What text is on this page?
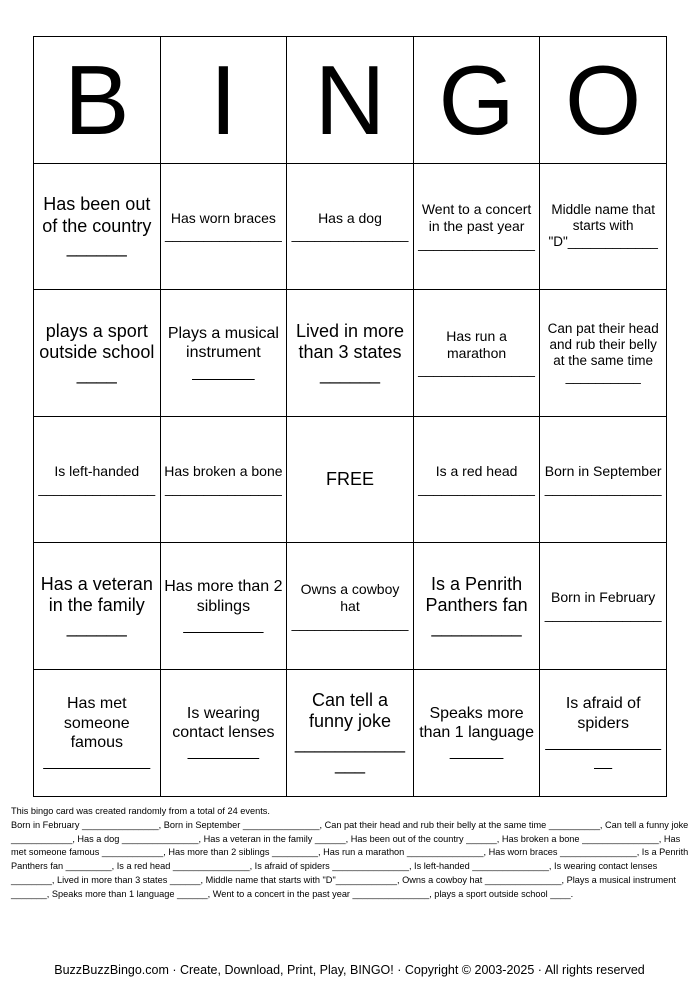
B	I	N	G	O

Has been out of the country ______	Has worn braces _______________	Has a dog _______________	Went to a concert in the past year _______________	Middle name that starts with "D"____________

plays a sport outside school ____	Plays a musical instrument _______	Lived in more than 3 states ______	Has run a marathon _______________	Can pat their head and rub their belly at the same time __________

Is left-handed _______________	Has broken a bone _______________	FREE	Is a red head _______________	Born in September _______________

Has a veteran in the family ______	Has more than 2 siblings _________	Owns a cowboy hat _______________	Is a Penrith Panthers fan _________	Born in February _______________

Has met someone famous ____________	Is wearing contact lenses ________	Can tell a funny joke ______________	Speaks more than 1 language ______	Is afraid of spiders _______________

This bingo card was created randomly from a total of 24 events.

Born in February _______________, Born in September _______________, Can pat their head and rub their belly at the same time __________, Can tell a funny joke ____________, Has a dog _______________, Has a veteran in the family ______, Has been out of the country ______, Has broken a bone _______________, Has met someone famous ____________, Has more than 2 siblings _________, Has run a marathon _______________, Has worn braces _______________, Is a Penrith Panthers fan _________, Is a red head _______________, Is afraid of spiders _______________, Is left-handed _______________, Is wearing contact lenses ________, Lived in more than 3 states ______, Middle name that starts with "D"____________, Owns a cowboy hat _______________, Plays a musical instrument _______, Speaks more than 1 language ______, Went to a concert in the past year _______________, plays a sport outside school ____.

BuzzBuzzBingo.com · Create, Download, Print, Play, BINGO! · Copyright © 2003-2025 · All rights reserved
